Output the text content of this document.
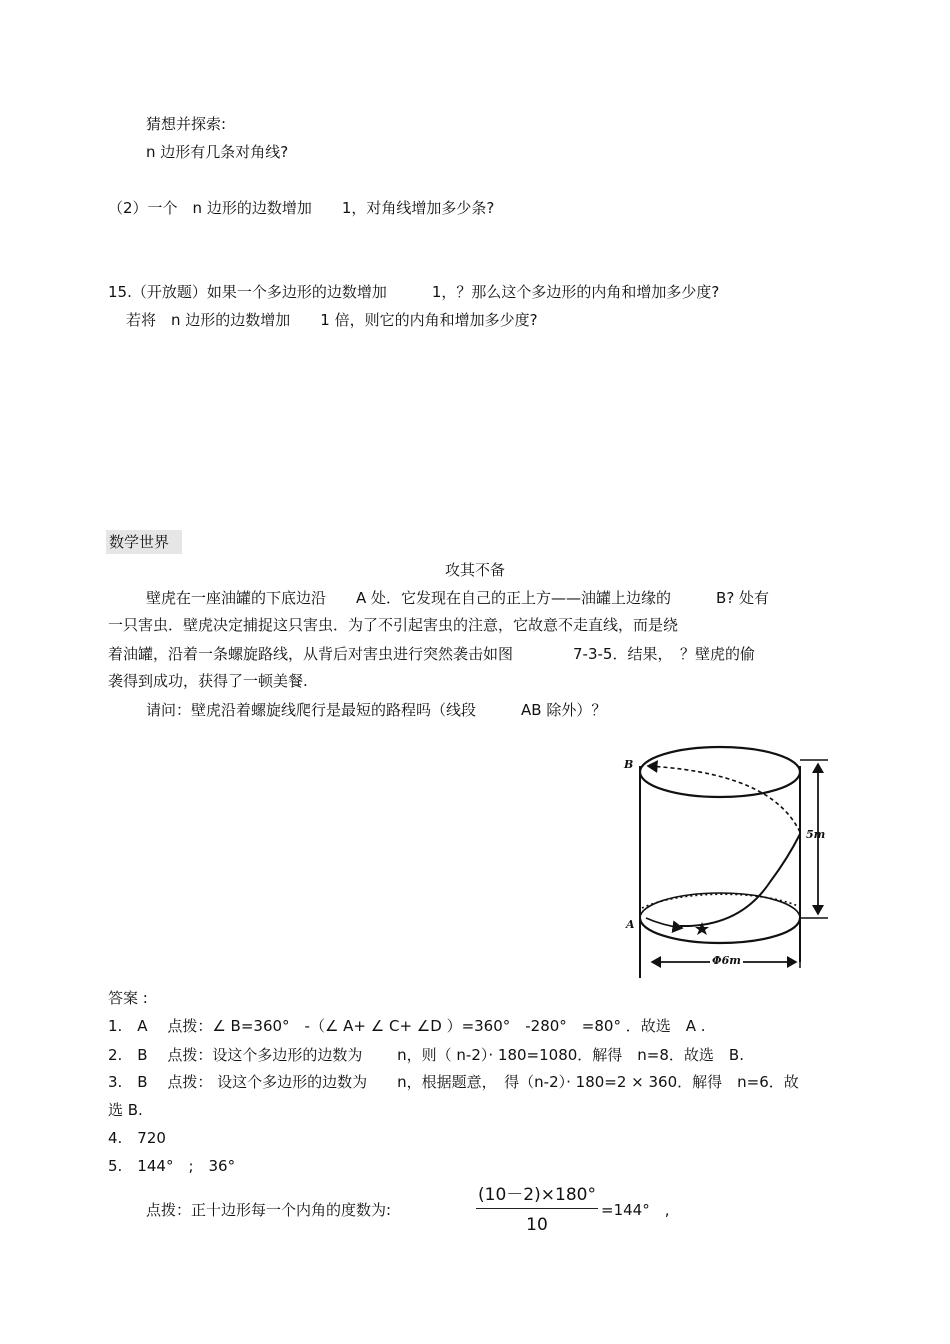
猜想并探索:
n 边形有几条对角线?
（2）一个　n 边形的边数增加　　1，对角线增加多少条?
15.（开放题）如果一个多边形的边数增加　　　1，？那么这个多边形的内角和增加多少度?
若将　n 边形的边数增加　　1 倍，则它的内角和增加多少度?
数学世界
攻其不备
壁虎在一座油罐的下底边沿　　A 处．它发现在自己的正上方——油罐上边缘的　　　B? 处有
一只害虫．壁虎决定捕捉这只害虫．为了不引起害虫的注意，它故意不走直线，而是绕
着油罐，沿着一条螺旋路线，从背后对害虫进行突然袭击如图　　　　7-3-5．结果，　？壁虎的偷
袭得到成功，获得了一顿美餐.
请问：壁虎沿着螺旋线爬行是最短的路程吗（线段　　　AB 除外）？
B
A
5m
Φ6m
答案 :
1.　A　 点拨：∠ B=360°　-（∠ A+ ∠ C+ ∠D ）=360°　-280°　=80° ．故选　A .
2.　B　 点拨：设这个多边形的边数为　　 n，则（ n-2）· 180=1080．解得　n=8．故选　B.
3.　B　 点拨： 设这个多边形的边数为　　n，根据题意，　得（n-2）· 180=2 × 360．解得　n=6．故
选 B.
4.　720
5.　144°　;　36°
点拨：正十边形每一个内角的度数为:
(10－2)×180°
10
=144°　,
